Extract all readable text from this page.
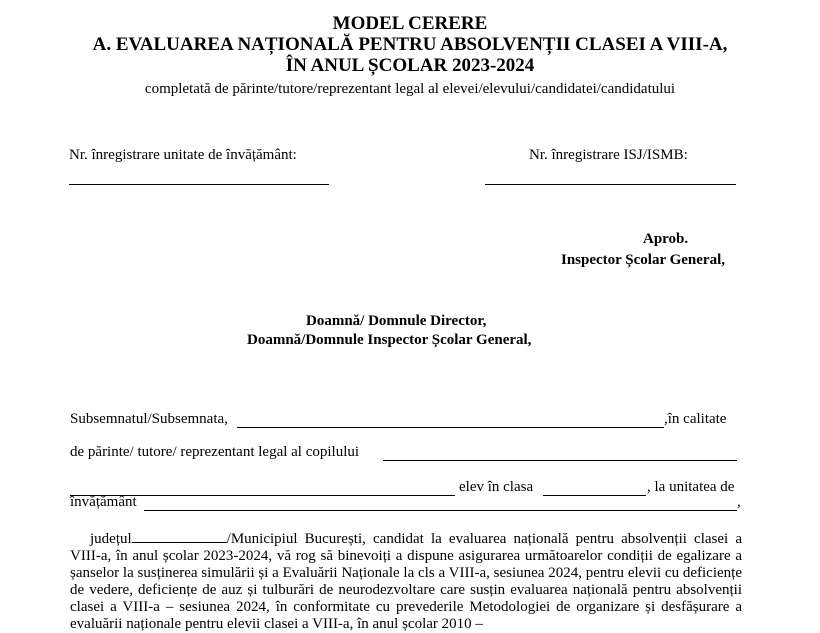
MODEL CERERE
A. EVALUAREA NAȚIONALĂ PENTRU ABSOLVENȚII CLASEI A VIII-A,
ÎN ANUL ȘCOLAR 2023-2024
completată de părinte/tutore/reprezentant legal al elevei/elevului/candidatei/candidatului
Nr. înregistrare unitate de învățământ:	Nr. înregistrare ISJ/ISMB:
Aprob.
Inspector Școlar General,
Doamnă/ Domnule Director,
Doamnă/Domnule Inspector Școlar General,
Subsemnatul/Subsemnata,	,în calitate
de părinte/ tutore/ reprezentant legal al copilului
elev în clasa	, la unitatea de
învățământ	,
județul	/Municipiul București, candidat la evaluarea națională pentru absolvenții clasei a VIII-a, în anul școlar 2023-2024, vă rog să binevoiți a dispune asigurarea următoarelor condiții de egalizare a șanselor la susținerea simulării și a Evaluării Naționale la cls a VIII-a, sesiunea 2024, pentru elevii cu deficiențe de vedere, deficiențe de auz și tulburări de neurodezvoltare care susțin evaluarea națională pentru absolvenții clasei a VIII-a – sesiunea 2024, în conformitate cu prevederile Metodologiei de organizare și desfășurare a evaluării naționale pentru elevii clasei a VIII-a, în anul școlar 2010 –
